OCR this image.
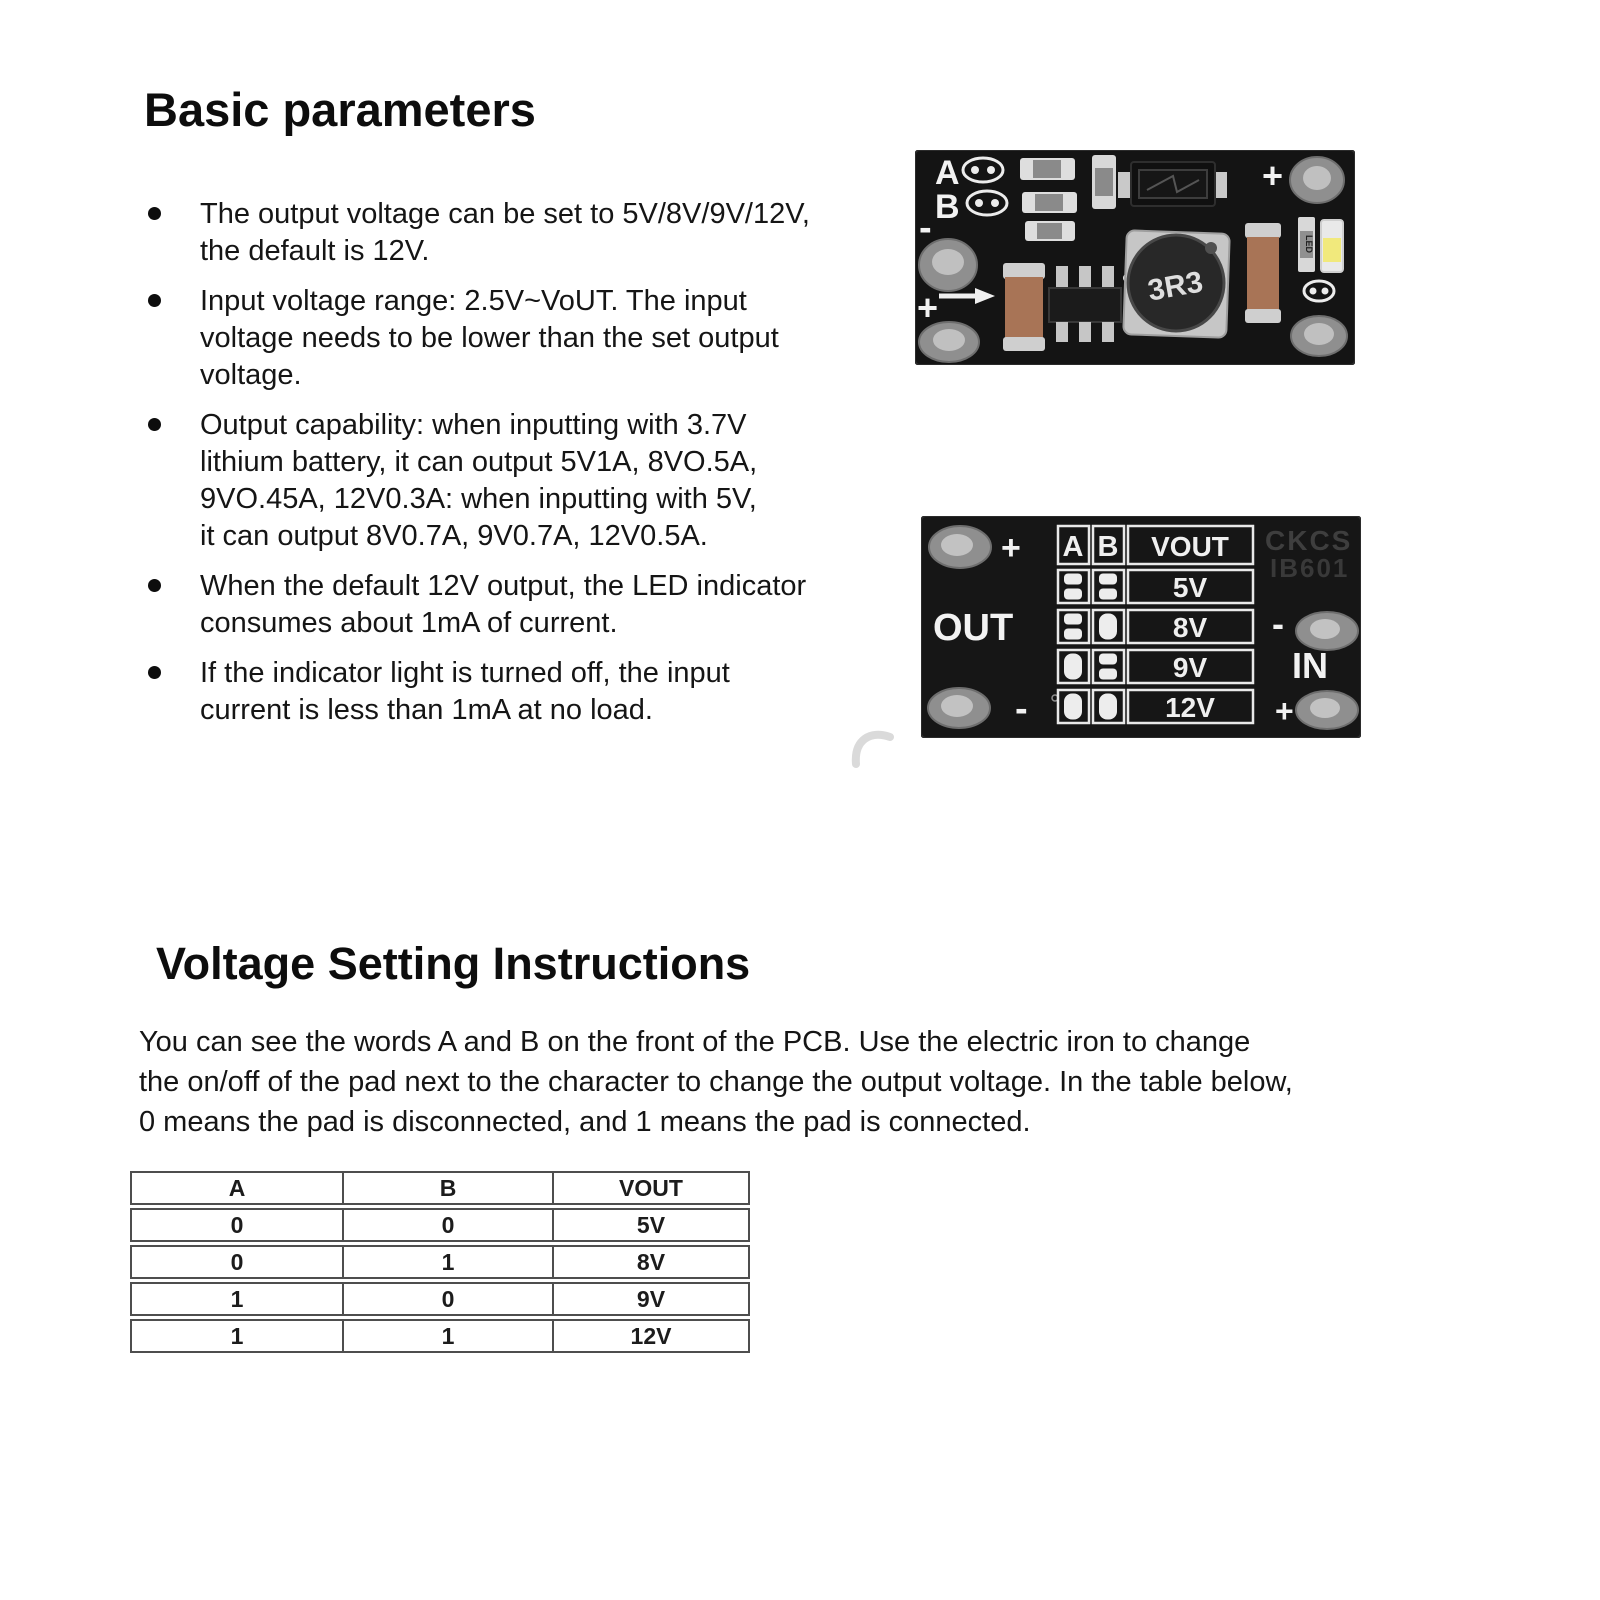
Basic parameters
The output voltage can be set to 5V/8V/9V/12V,
the default is 12V.
Input voltage range: 2.5V~VoUT. The input
voltage needs to be lower than the set output
voltage.
Output capability: when inputting with 3.7V
lithium battery, it can output 5V1A, 8VO.5A,
9VO.45A, 12V0.3A: when inputting with 5V,
it can output 8V0.7A, 9V0.7A, 12V0.5A.
When the default 12V output, the LED indicator
consumes about 1mA of current.
If the indicator light is turned off, the input
current is less than 1mA at no load.
A
B
-
+	3R3
+
LED
+
OUT
-
A B VOUT
5V
8V
9V
12V
CKCS
IB601
-
IN
+
Voltage Setting Instructions
You can see the words A and B on the front of the PCB. Use the electric iron to change
the on/off of the pad next to the character to change the output voltage. In the table below,
0 means the pad is disconnected, and 1 means the pad is connected.
A	B	VOUT
0	0	5V
0	1	8V
1	0	9V
1	1	12V
